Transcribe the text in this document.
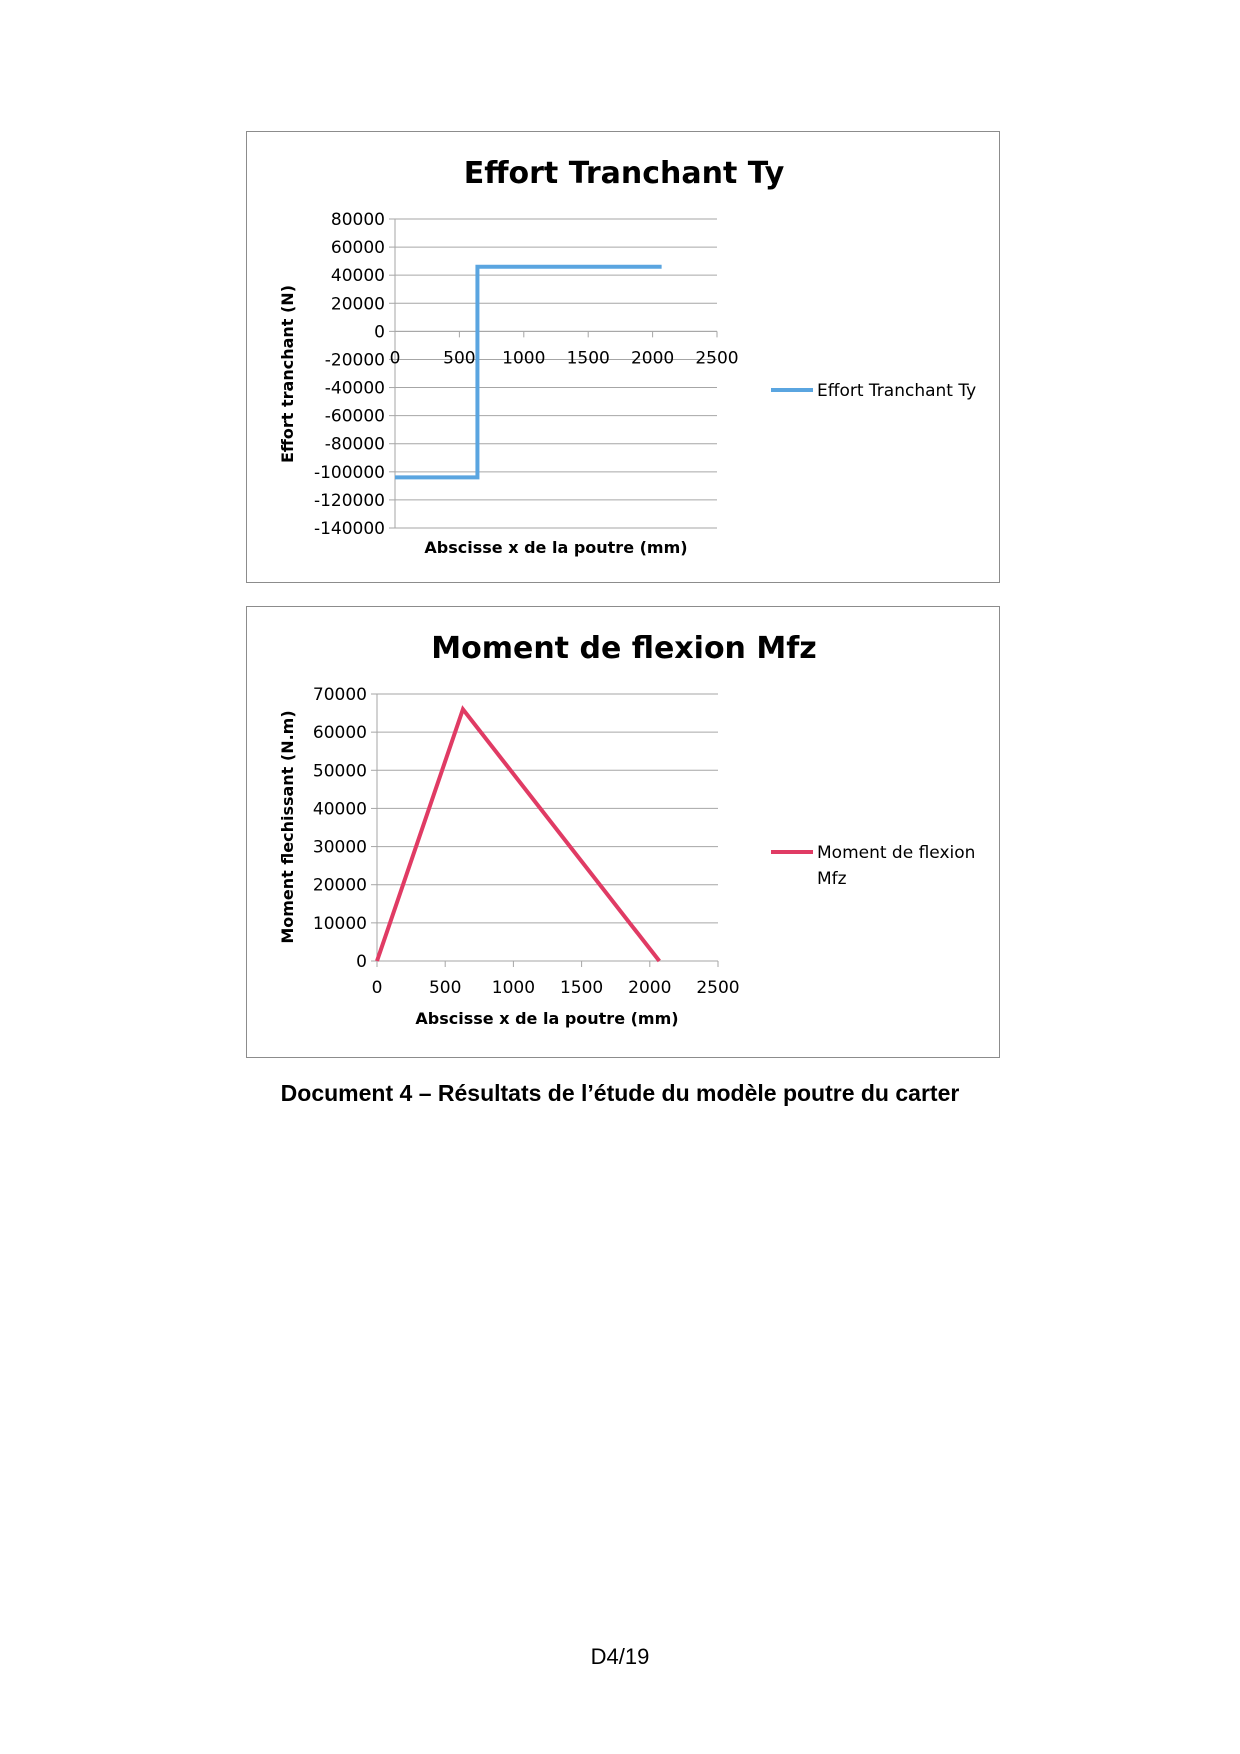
Effort Tranchant Ty
80000
60000
40000
20000
0
-20000
-40000
-60000
-80000
-100000
-120000
-140000
0	500 1000 1500 2000 2500
Effort Tranchant Ty
Abscisse x de la poutre (mm)
Effort tranchant (N)
Moment de flexion Mfz
70000
60000
50000
40000
30000
20000
10000
0
0	500 1000 1500 2000 2500
Moment de flexion Mfz
Abscisse x de la poutre (mm)
Moment flechissant (N.m)
Document 4 – Résultats de l’étude du modèle poutre du carter
D4/19
